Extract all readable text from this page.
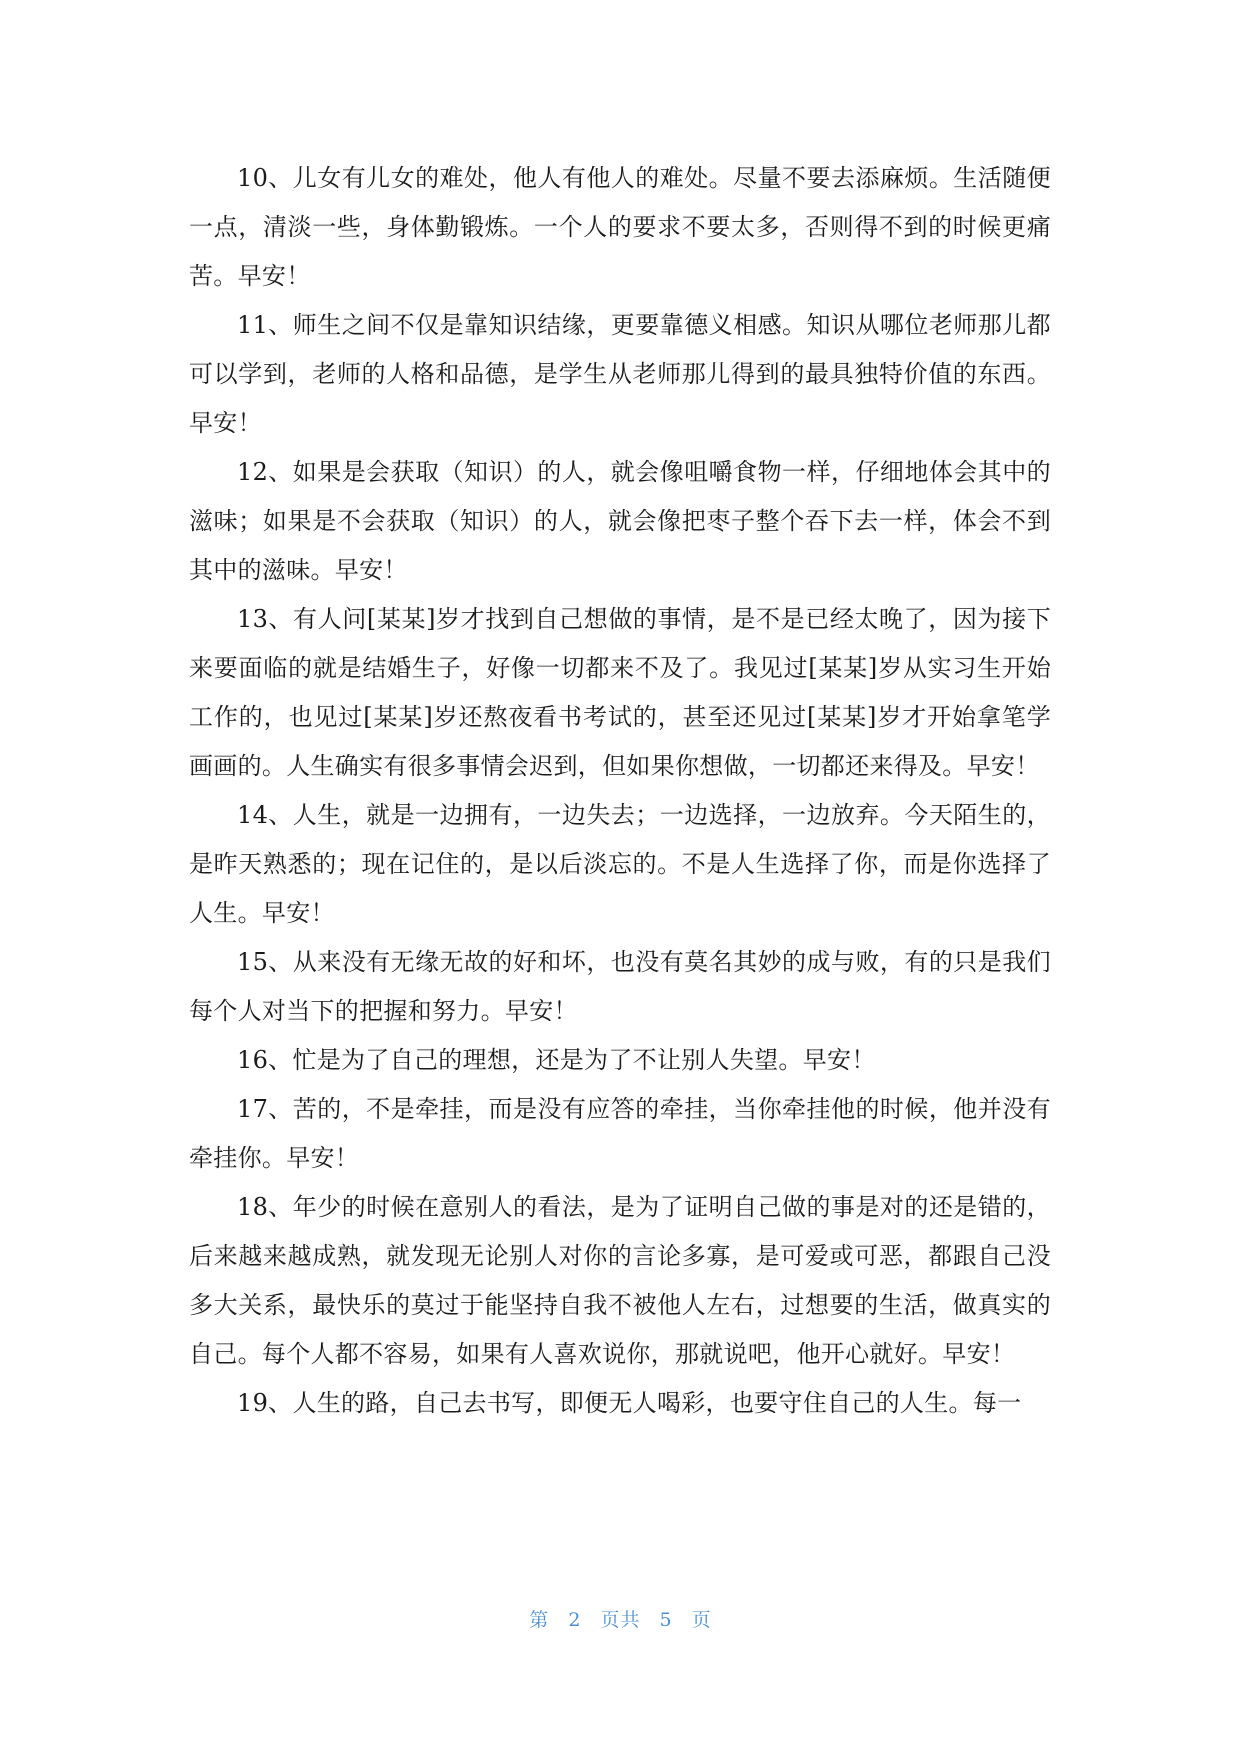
10、儿女有儿女的难处，他人有他人的难处。尽量不要去添麻烦。生活随便一点，清淡一些，身体勤锻炼。一个人的要求不要太多，否则得不到的时候更痛苦。早安！

11、师生之间不仅是靠知识结缘，更要靠德义相感。知识从哪位老师那儿都可以学到，老师的人格和品德，是学生从老师那儿得到的最具独特价值的东西。早安！

12、如果是会获取（知识）的人，就会像咀嚼食物一样，仔细地体会其中的滋味；如果是不会获取（知识）的人，就会像把枣子整个吞下去一样，体会不到其中的滋味。早安！

13、有人问[某某]岁才找到自己想做的事情，是不是已经太晚了，因为接下来要面临的就是结婚生子，好像一切都来不及了。我见过[某某]岁从实习生开始工作的，也见过[某某]岁还熬夜看书考试的，甚至还见过[某某]岁才开始拿笔学画画的。人生确实有很多事情会迟到，但如果你想做，一切都还来得及。早安！

14、人生，就是一边拥有，一边失去；一边选择，一边放弃。今天陌生的，是昨天熟悉的；现在记住的，是以后淡忘的。不是人生选择了你，而是你选择了人生。早安！

15、从来没有无缘无故的好和坏，也没有莫名其妙的成与败，有的只是我们每个人对当下的把握和努力。早安！

16、忙是为了自己的理想，还是为了不让别人失望。早安！

17、苦的，不是牵挂，而是没有应答的牵挂，当你牵挂他的时候，他并没有牵挂你。早安！

18、年少的时候在意别人的看法，是为了证明自己做的事是对的还是错的，后来越来越成熟，就发现无论别人对你的言论多寡，是可爱或可恶，都跟自己没多大关系，最快乐的莫过于能坚持自我不被他人左右，过想要的生活，做真实的自己。每个人都不容易，如果有人喜欢说你，那就说吧，他开心就好。早安！

19、人生的路，自己去书写，即便无人喝彩，也要守住自己的人生。每一

第 2 页共 5 页
